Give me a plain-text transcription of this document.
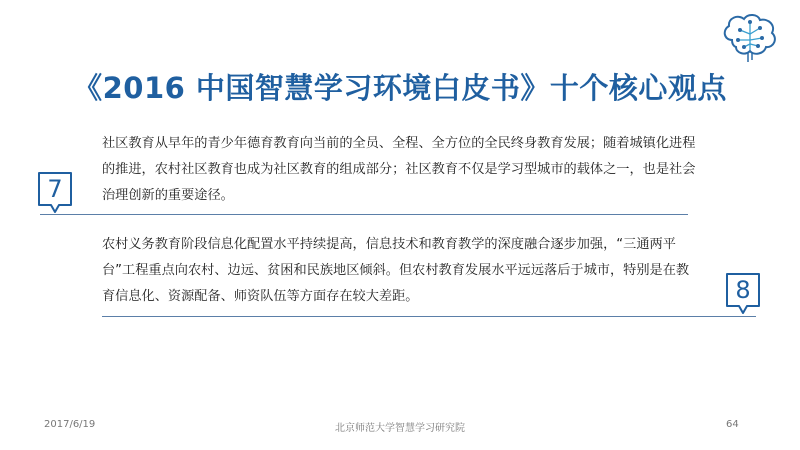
《2016 中国智慧学习环境白皮书》十个核心观点
7
社区教育从早年的青少年德育教育向当前的全员、全程、全方位的全民终身教育发展；随着城镇化进程的推进，农村社区教育也成为社区教育的组成部分；社区教育不仅是学习型城市的载体之一，也是社会治理创新的重要途径。
农村义务教育阶段信息化配置水平持续提高，信息技术和教育教学的深度融合逐步加强，“三通两平台”工程重点向农村、边远、贫困和民族地区倾斜。但农村教育发展水平远远落后于城市，特别是在教育信息化、资源配备、师资队伍等方面存在较大差距。	8
2017/6/19	北京师范大学智慧学习研究院	64
